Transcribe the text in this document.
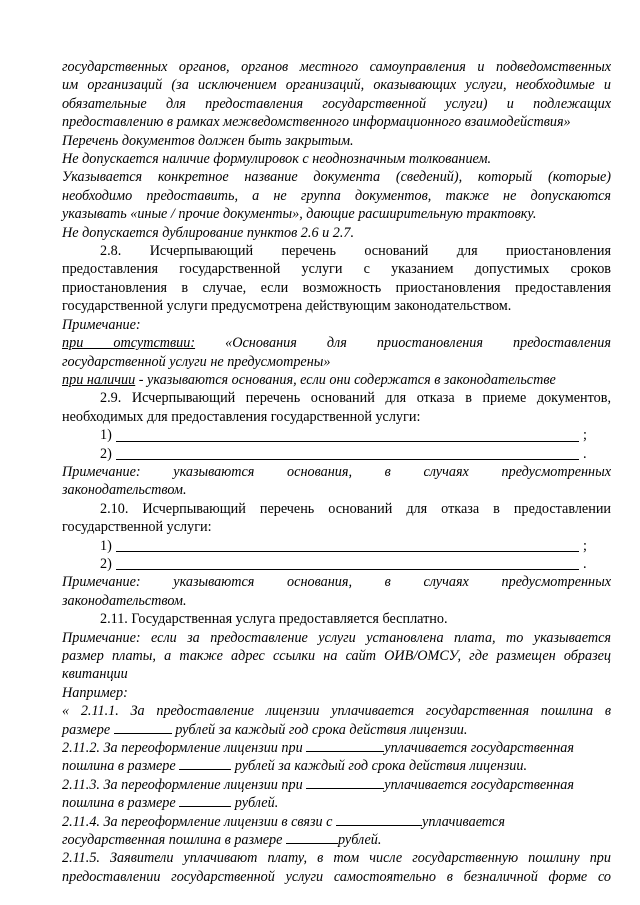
государственных органов, органов местного самоуправления и подведомственных

им организаций (за исключением организаций, оказывающих услуги, необходимые и

обязательные для предоставления государственной услуги) и подлежащих

предоставлению в рамках межведомственного информационного взаимодействия»

Перечень документов должен быть закрытым.

Не допускается наличие формулировок с неоднозначным толкованием.

Указывается конкретное название документа (сведений), который (которые)

необходимо предоставить, а не группа документов, также не допускаются

указывать «иные / прочие документы», дающие расширительную трактовку.

Не допускается дублирование пунктов 2.6 и 2.7.

2.8. Исчерпывающий перечень оснований для приостановления

предоставления государственной услуги с указанием допустимых сроков

приостановления в случае, если возможность приостановления предоставления

государственной услуги предусмотрена действующим законодательством.

Примечание:

при отсутствии: «Основания для приостановления предоставления

государственной услуги не предусмотрены»

при наличии - указываются основания, если они содержатся в законодательстве

2.9. Исчерпывающий перечень оснований для отказа в приеме документов,

необходимых для предоставления государственной услуги:

1)	;
2)	.

Примечание: указываются основания, в случаях предусмотренных

законодательством.

2.10. Исчерпывающий перечень оснований для отказа в предоставлении

государственной услуги:

1)	;
2)	.

Примечание: указываются основания, в случаях предусмотренных

законодательством.

2.11. Государственная услуга предоставляется бесплатно.

Примечание: если за предоставление услуги установлена плата, то указывается

размер платы, а также адрес ссылки на сайт ОИВ/ОМСУ, где размещен образец

квитанции

Например:

« 2.11.1. За предоставление лицензии уплачивается государственная пошлина в

размере	рублей за каждый год срока действия лицензии.

2.11.2. За переоформление лицензии при	уплачивается государственная

пошлина в размере	рублей за каждый год срока действия лицензии.

2.11.3. За переоформление лицензии при	уплачивается государственная

пошлина в размере	рублей.

2.11.4. За переоформление лицензии в связи с	уплачивается

государственная пошлина в размере	рублей.

2.11.5. Заявители уплачивают плату, в том числе государственную пошлину при

предоставлении государственной услуги самостоятельно в безналичной форме со
